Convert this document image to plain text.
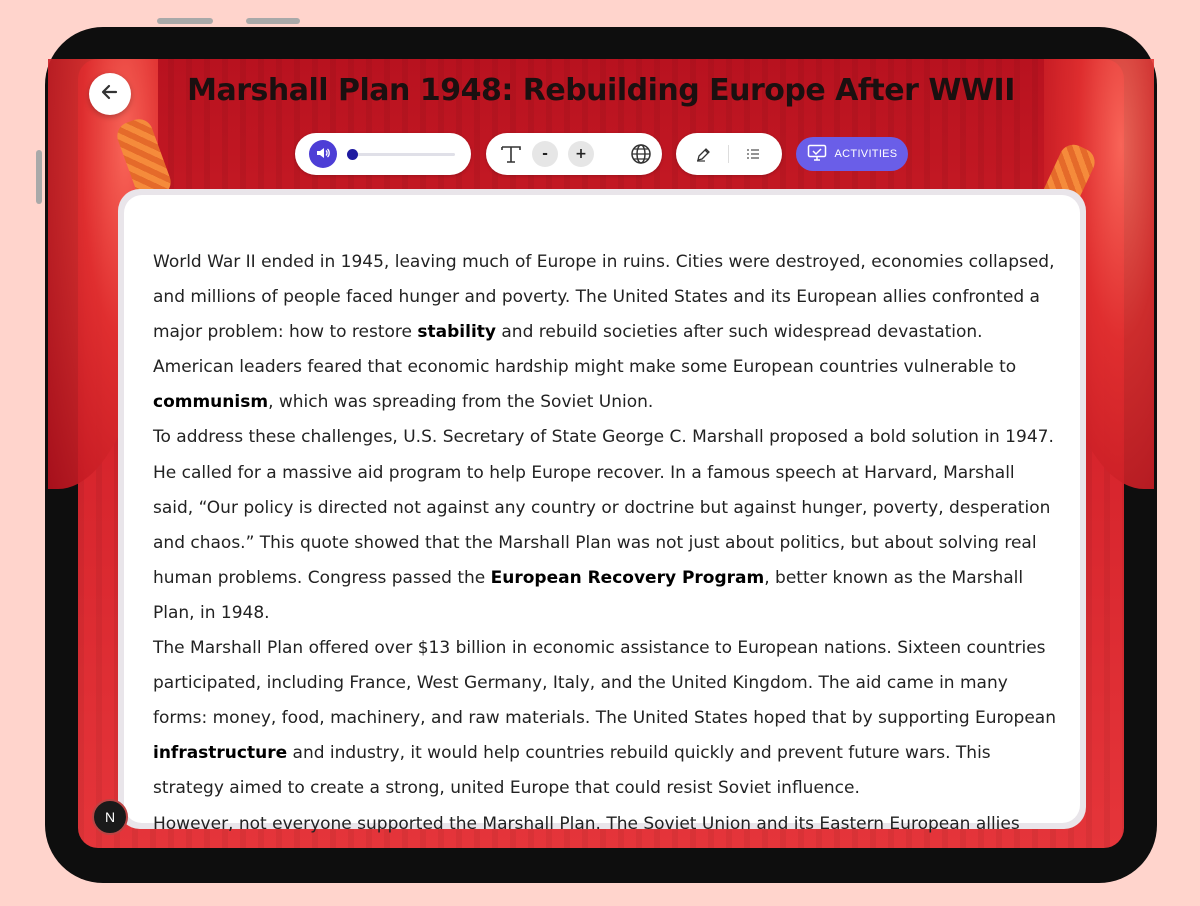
Marshall Plan 1948: Rebuilding Europe After WWII
-	+	ACTIVITIES

World War II ended in 1945, leaving much of Europe in ruins. Cities were destroyed, economies collapsed, and millions of people faced hunger and poverty. The United States and its European allies confronted a major problem: how to restore stability and rebuild societies after such widespread devastation. American leaders feared that economic hardship might make some European countries vulnerable to communism, which was spreading from the Soviet Union.

To address these challenges, U.S. Secretary of State George C. Marshall proposed a bold solution in 1947. He called for a massive aid program to help Europe recover. In a famous speech at Harvard, Marshall said, “Our policy is directed not against any country or doctrine but against hunger, poverty, desperation and chaos.” This quote showed that the Marshall Plan was not just about politics, but about solving real human problems. Congress passed the European Recovery Program, better known as the Marshall Plan, in 1948.

The Marshall Plan offered over $13 billion in economic assistance to European nations. Sixteen countries participated, including France, West Germany, Italy, and the United Kingdom. The aid came in many forms: money, food, machinery, and raw materials. The United States hoped that by supporting European infrastructure and industry, it would help countries rebuild quickly and prevent future wars. This strategy aimed to create a strong, united Europe that could resist Soviet influence.

However, not everyone supported the Marshall Plan. The Soviet Union and its Eastern European allies

N
